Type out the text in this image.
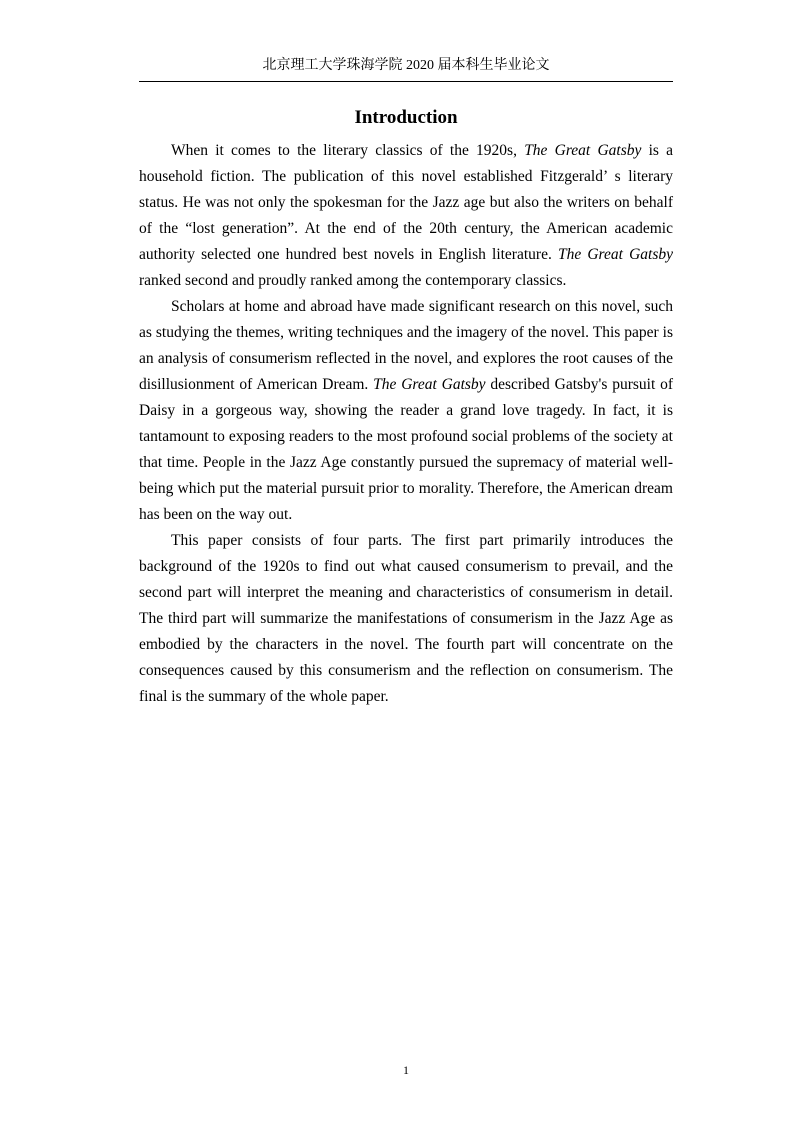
北京理工大学珠海学院 2020 届本科生毕业论文
Introduction

When it comes to the literary classics of the 1920s, The Great Gatsby is a household fiction. The publication of this novel established Fitzgerald’ s literary status. He was not only the spokesman for the Jazz age but also the writers on behalf of the “lost generation”. At the end of the 20th century, the American academic authority selected one hundred best novels in English literature. The Great Gatsby ranked second and proudly ranked among the contemporary classics.

Scholars at home and abroad have made significant research on this novel, such as studying the themes, writing techniques and the imagery of the novel. This paper is an analysis of consumerism reflected in the novel, and explores the root causes of the disillusionment of American Dream. The Great Gatsby described Gatsby's pursuit of Daisy in a gorgeous way, showing the reader a grand love tragedy. In fact, it is tantamount to exposing readers to the most profound social problems of the society at that time. People in the Jazz Age constantly pursued the supremacy of material well-being which put the material pursuit prior to morality. Therefore, the American dream has been on the way out.

This paper consists of four parts. The first part primarily introduces the background of the 1920s to find out what caused consumerism to prevail, and the second part will interpret the meaning and characteristics of consumerism in detail. The third part will summarize the manifestations of consumerism in the Jazz Age as embodied by the characters in the novel. The fourth part will concentrate on the consequences caused by this consumerism and the reflection on consumerism. The final is the summary of the whole paper.

1
